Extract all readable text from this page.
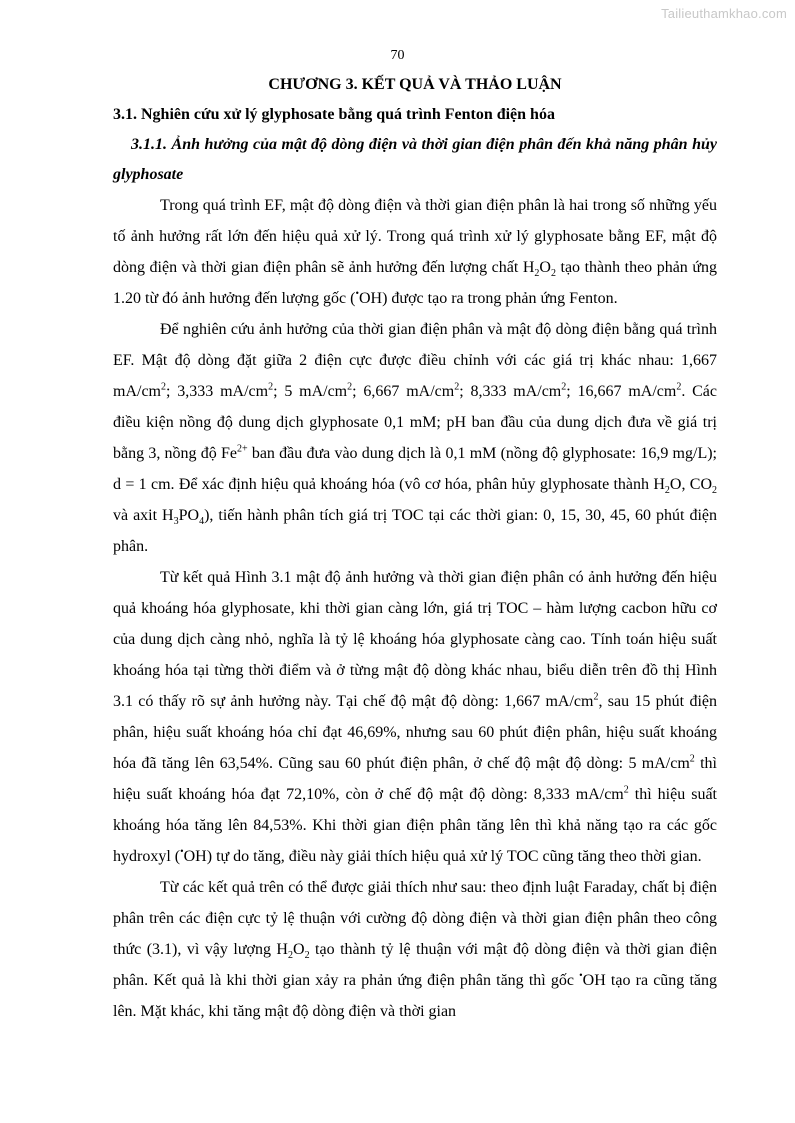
Tailieuthamkhao.com
70

CHƯƠNG 3. KẾT QUẢ VÀ THẢO LUẬN

3.1. Nghiên cứu xử lý glyphosate bằng quá trình Fenton điện hóa

3.1.1. Ảnh hưởng của mật độ dòng điện và thời gian điện phân đến khả năng phân hủy glyphosate

Trong quá trình EF, mật độ dòng điện và thời gian điện phân là hai trong số những yếu tố ảnh hưởng rất lớn đến hiệu quả xử lý. Trong quá trình xử lý glyphosate bằng EF, mật độ dòng điện và thời gian điện phân sẽ ảnh hưởng đến lượng chất $H_2O_2$ tạo thành theo phản ứng 1.20 từ đó ảnh hưởng đến lượng gốc (•OH) được tạo ra trong phản ứng Fenton.

Để nghiên cứu ảnh hưởng của thời gian điện phân và mật độ dòng điện bằng quá trình EF. Mật độ dòng đặt giữa 2 điện cực được điều chỉnh với các giá trị khác nhau: 1,667 $mA/cm^2$; 3,333 $mA/cm^2$; 5 $mA/cm^2$; 6,667 $mA/cm^2$; 8,333 $mA/cm^2$; 16,667 $mA/cm^2$. Các điều kiện nồng độ dung dịch glyphosate 0,1 mM; pH ban đầu của dung dịch đưa về giá trị bằng 3, nồng độ $Fe^{2+}$ ban đầu đưa vào dung dịch là 0,1 mM (nồng độ glyphosate: 16,9 mg/L); d = 1 cm. Để xác định hiệu quả khoáng hóa (vô cơ hóa, phân hủy glyphosate thành $H_2O$, $CO_2$ và axit $H_3PO_4$), tiến hành phân tích giá trị TOC tại các thời gian: 0, 15, 30, 45, 60 phút điện phân.

Từ kết quả Hình 3.1 mật độ ảnh hưởng và thời gian điện phân có ảnh hưởng đến hiệu quả khoáng hóa glyphosate, khi thời gian càng lớn, giá trị TOC – hàm lượng cacbon hữu cơ của dung dịch càng nhỏ, nghĩa là tỷ lệ khoáng hóa glyphosate càng cao. Tính toán hiệu suất khoáng hóa tại từng thời điểm và ở từng mật độ dòng khác nhau, biểu diễn trên đồ thị Hình 3.1 có thấy rõ sự ảnh hưởng này. Tại chế độ mật độ dòng: 1,667 $mA/cm^2$, sau 15 phút điện phân, hiệu suất khoáng hóa chỉ đạt 46,69%, nhưng sau 60 phút điện phân, hiệu suất khoáng hóa đã tăng lên 63,54%. Cũng sau 60 phút điện phân, ở chế độ mật độ dòng: 5 $mA/cm^2$ thì hiệu suất khoáng hóa đạt 72,10%, còn ở chế độ mật độ dòng: 8,333 $mA/cm^2$ thì hiệu suất khoáng hóa tăng lên 84,53%. Khi thời gian điện phân tăng lên thì khả năng tạo ra các gốc hydroxyl (•OH) tự do tăng, điều này giải thích hiệu quả xử lý TOC cũng tăng theo thời gian.

Từ các kết quả trên có thể được giải thích như sau: theo định luật Faraday, chất bị điện phân trên các điện cực tỷ lệ thuận với cường độ dòng điện và thời gian điện phân theo công thức (3.1), vì vậy lượng $H_2O_2$ tạo thành tỷ lệ thuận với mật độ dòng điện và thời gian điện phân. Kết quả là khi thời gian xảy ra phản ứng điện phân tăng thì gốc •OH tạo ra cũng tăng lên. Mặt khác, khi tăng mật độ dòng điện và thời gian
